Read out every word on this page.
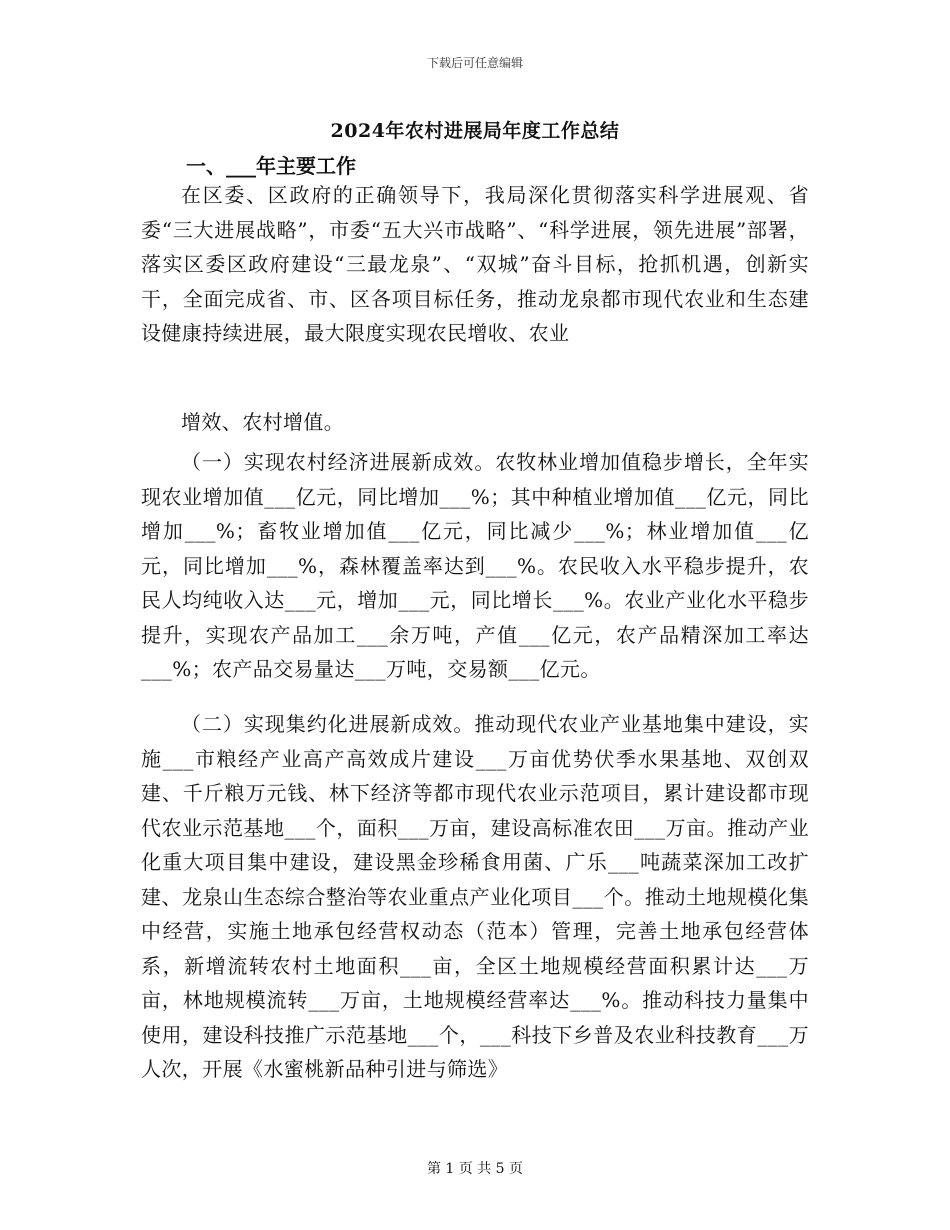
下载后可任意编辑
2024年农村进展局年度工作总结
一、___年主要工作

在区委、区政府的正确领导下，我局深化贯彻落实科学进展观、省委“三大进展战略”，市委“五大兴市战略”、“科学进展，领先进展”部署，落实区委区政府建设“三最龙泉”、“双城”奋斗目标，抢抓机遇，创新实干，全面完成省、市、区各项目标任务，推动龙泉都市现代农业和生态建设健康持续进展，最大限度实现农民增收、农业

增效、农村增值。

（一）实现农村经济进展新成效。农牧林业增加值稳步增长，全年实现农业增加值___亿元，同比增加___%；其中种植业增加值___亿元，同比增加___%；畜牧业增加值___亿元，同比减少___%；林业增加值___亿元，同比增加___%，森林覆盖率达到___%。农民收入水平稳步提升，农民人均纯收入达___元，增加___元，同比增长___%。农业产业化水平稳步提升，实现农产品加工___余万吨，产值___亿元，农产品精深加工率达___%；农产品交易量达___万吨，交易额___亿元。

（二）实现集约化进展新成效。推动现代农业产业基地集中建设，实施___市粮经产业高产高效成片建设___万亩优势伏季水果基地、双创双建、千斤粮万元钱、林下经济等都市现代农业示范项目，累计建设都市现代农业示范基地___个，面积___万亩，建设高标准农田___万亩。推动产业化重大项目集中建设，建设黑金珍稀食用菌、广乐___吨蔬菜深加工改扩建、龙泉山生态综合整治等农业重点产业化项目___个。推动土地规模化集中经营，实施土地承包经营权动态（范本）管理，完善土地承包经营体系，新增流转农村土地面积___亩，全区土地规模经营面积累计达___万亩，林地规模流转___万亩，土地规模经营率达___%。推动科技力量集中使用，建设科技推广示范基地___个，___科技下乡普及农业科技教育___万人次，开展《水蜜桃新品种引进与筛选》

第 1 页 共 5 页
